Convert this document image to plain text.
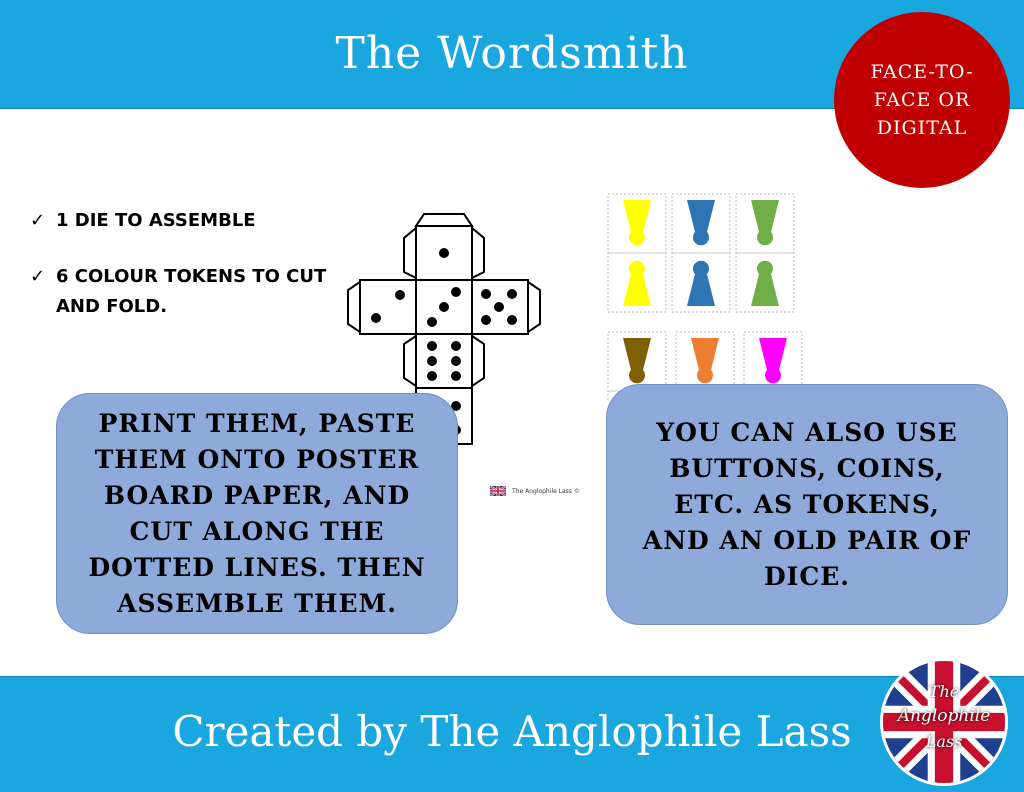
The Wordsmith	FACE-TO-FACE OR DIGITAL
✓ 1 DIE TO ASSEMBLE
✓ 6 COLOUR TOKENS TO CUT AND FOLD.
The Anglophile Lass ©
PRINT THEM, PASTE THEM ONTO POSTER BOARD PAPER, AND CUT ALONG THE DOTTED LINES. THEN ASSEMBLE THEM.
YOU CAN ALSO USE BUTTONS, COINS, ETC. AS TOKENS, AND AN OLD PAIR OF DICE.
Created by The Anglophile Lass
The
Anglophile
Lass
